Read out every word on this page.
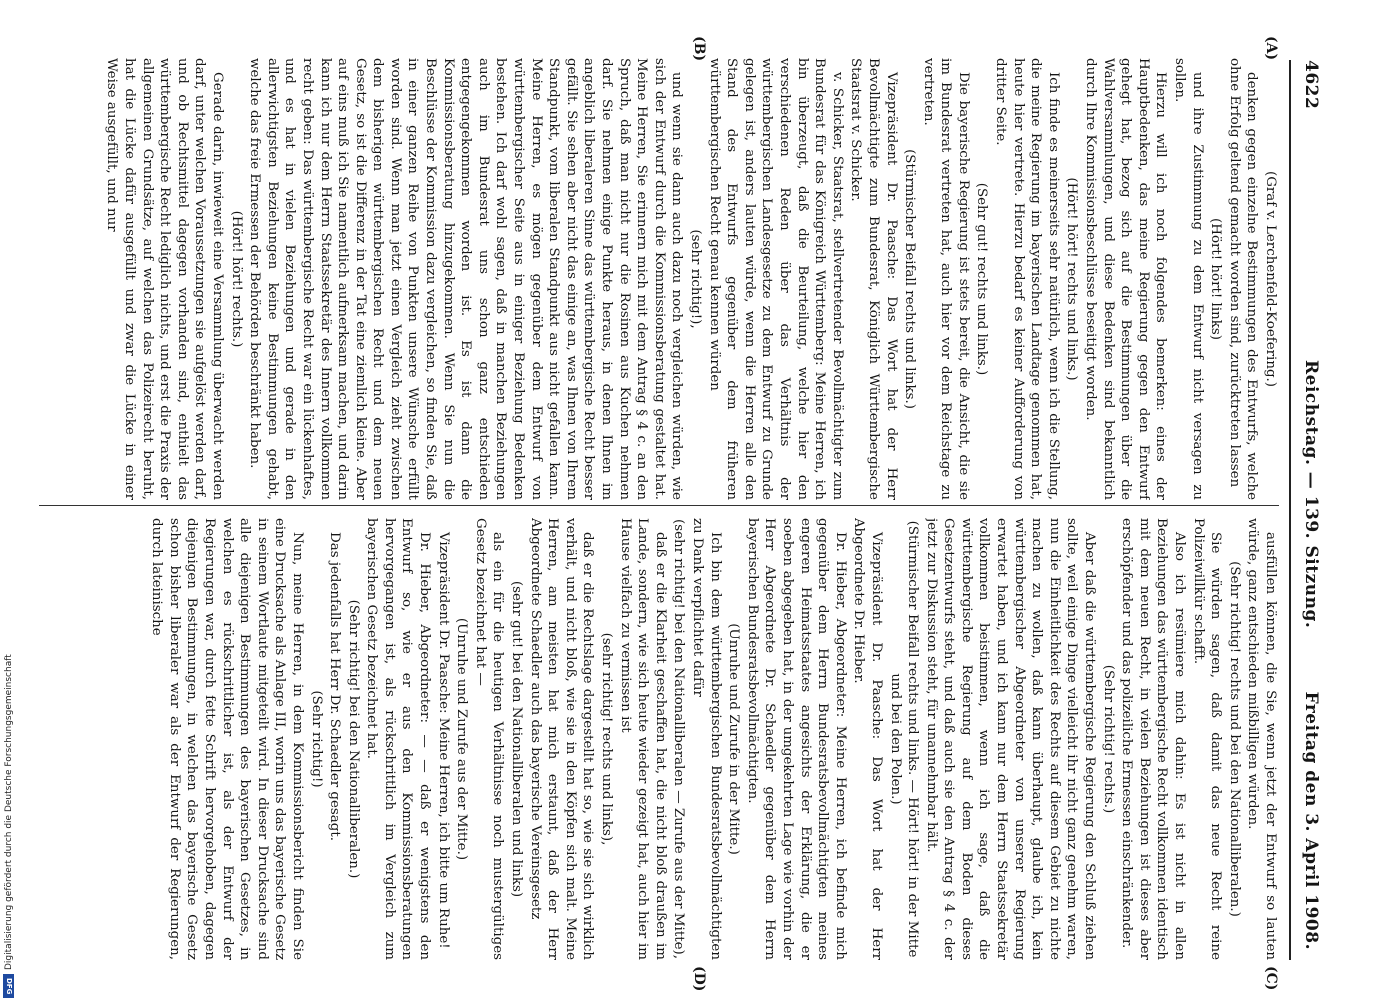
4622
Reichstag. — 139. Sitzung.
Freitag den 3. April 1908.
(A)
(B)
(C)
(D)

(Graf v. Lerchenfeld-Koefering.)

denken gegen einzelne Bestimmungen des Entwurfs, welche ohne Erfolg geltend gemacht worden sind, zurücktreten lassen

(Hört! hört! links)

und ihre Zustimmung zu dem Entwurf nicht versagen zu sollen.

Hierzu will ich noch folgendes bemerken: eines der Hauptbedenken, das meine Regierung gegen den Entwurf gehegt hat, bezog sich auf die Bestimmungen über die Wahlversammlungen, und diese Bedenken sind bekanntlich durch Ihre Kommissionsbeschlüsse beseitigt worden.

(Hört! hört! rechts und links.)

Ich finde es meinerseits sehr natürlich, wenn ich die Stellung, die meine Regierung im bayerischen Landtage genommen hat, heute hier vertrete. Hierzu bedarf es keiner Aufforderung von dritter Seite.

(Sehr gut! rechts und links.)

Die bayerische Regierung ist stets bereit, die Ansicht, die sie im Bundesrat vertreten hat, auch hier vor dem Reichstage zu vertreten.

(Stürmischer Beifall rechts und links.)

Vizepräsident Dr. Paasche: Das Wort hat der Herr Bevollmächtigte zum Bundesrat, Königlich Württembergische Staatsrat v. Schicker.

v. Schicker, Staatsrat, stellvertretender Bevollmächtigter zum Bundesrat für das Königreich Württemberg: Meine Herren, ich bin überzeugt, daß die Beurteilung, welche hier den verschiedenen Reden über das Verhältnis der württembergischen Landesgesetze zu dem Entwurf zu Grunde gelegen ist, anders lauten würde, wenn die Herren alle den Stand des Entwurfs gegenüber dem früheren württembergischen Recht genau kennen würden

(sehr richtig!),

und wenn sie dann auch dazu noch vergleichen würden, wie sich der Entwurf durch die Kommissionsberatung gestaltet hat. Meine Herren, Sie erinnern mich mit dem Antrag § 4 c. an den Spruch, daß man nicht nur die Rosinen aus Kuchen nehmen darf. Sie nehmen einige Punkte heraus, in denen Ihnen im angeblich liberaleren Sinne das württembergische Recht besser gefällt. Sie sehen aber nicht das einige an, was Ihnen von Ihrem Standpunkt, vom liberalen Standpunkt aus nicht gefallen kann. Meine Herren, es mögen gegenüber dem Entwurf von württembergischer Seite aus in einiger Beziehung Bedenken bestehen. Ich darf wohl sagen, daß in manchen Beziehungen auch im Bundesrat uns schon ganz entschieden entgegengekommen worden ist. Es ist dann die Kommissionsberatung hinzugekommen. Wenn Sie nun die Beschlüsse der Kommission dazu vergleichen, so finden Sie, daß in einer ganzen Reihe von Punkten unsere Wünsche erfüllt worden sind. Wenn man jetzt einen Vergleich zieht zwischen dem bisherigen württembergischen Recht und dem neuen Gesetz, so ist die Differenz in der Tat eine ziemlich kleine. Aber auf eins muß ich Sie namentlich aufmerksam machen, und darin kann ich nur dem Herrn Staatssekretär des Innern vollkommen recht geben: Das württembergische Recht war ein lückenhaftes, und es hat in vielen Beziehungen und gerade in den allerwichtigsten Beziehungen keine Bestimmungen gehabt, welche das freie Ermessen der Behörden beschränkt haben.

(Hört! hört! rechts.)

Gerade darin, inwieweit eine Versammlung überwacht werden darf, unter welchen Voraussetzungen sie aufgelöst werden darf, und ob Rechtsmittel dagegen vorhanden sind, enthielt das württembergische Recht lediglich nichts, und erst die Praxis der allgemeinen Grundsätze, auf welchen das Polizeirecht beruht, hat die Lücke dafür ausgefüllt und zwar die Lücke in einer Weise ausgefüllt, und nur

ausfüllen können, die Sie, wenn jetzt der Entwurf so lauten würde, ganz entschieden mißbilligen würden.

(Sehr richtig! rechts und bei den Nationalliberalen.)

Sie würden sagen, daß damit das neue Recht reine Polizeiwillkür schafft.

Also ich resümiere mich dahin: Es ist nicht in allen Beziehungen das württembergische Recht vollkommen identisch mit dem neuen Recht, in vielen Beziehungen ist dieses aber erschöpfender und das polizeiliche Ermessen einschränkender.

(Sehr richtig! rechts.)

Aber daß die württembergische Regierung den Schluß ziehen sollte, weil einige Dinge vielleicht ihr nicht ganz genehm waren, nun die Einheitlichkeit des Rechts auf diesem Gebiet zu nichte machen zu wollen, daß kann überhaupt, glaube ich, kein württembergischer Abgeordneter von unserer Regierung erwartet haben, und ich kann nur dem Herrn Staatssekretär vollkommen beistimmen, wenn ich sage, daß die württembergische Regierung auf dem Boden dieses Gesetzentwurfs steht, und daß auch sie den Antrag § 4 c. der jetzt zur Diskussion steht, für unannehmbar hält.

(Stürmischer Beifall rechts und links. — Hört! hört! in der Mitte und bei den Polen.)

Vizepräsident Dr. Paasche: Das Wort hat der Herr Abgeordnete Dr. Hieber.

Dr. Hieber, Abgeordneter: Meine Herren, ich befinde mich gegenüber dem Herrn Bundesratsbevollmächtigten meines engeren Heimatsstaates angesichts der Erklärung, die er soeben abgegeben hat, in der umgekehrten Lage wie vorhin der Herr Abgeordnete Dr. Schaedler gegenüber dem Herrn bayerischen Bundesratsbevollmächtigten.

(Unruhe und Zurufe in der Mitte.)

Ich bin dem württembergischen Bundesratsbevollmächtigten zu Dank verpflichtet dafür

(sehr richtig! bei den Nationalliberalen — Zurufe aus der Mitte),

daß er die Klarheit geschaffen hat, die nicht bloß draußen im Lande, sondern, wie sich heute wieder gezeigt hat, auch hier im Hause vielfach zu vermissen ist

(sehr richtig! rechts und links),

daß er die Rechtslage dargestellt hat so, wie sie sich wirklich verhält, und nicht bloß, wie sie in den Köpfen sich malt. Meine Herren, am meisten hat mich erstaunt, daß der Herr Abgeordnete Schaedler auch das bayerische Vereinsgesetz

(sehr gut! bei den Nationalliberalen und links)

als ein für die heutigen Verhältnisse noch mustergültiges Gesetz bezeichnet hat —

(Unruhe und Zurufe aus der Mitte.)

Vizepräsident Dr. Paasche: Meine Herren, ich bitte um Ruhe!

Dr. Hieber, Abgeordneter: — — daß er wenigstens den Entwurf so, wie er aus den Kommissionsberatungen hervorgegangen ist, als rückschrittlich im Vergleich zum bayerischen Gesetz bezeichnet hat.

(Sehr richtig! bei den Nationalliberalen.)

Das jedenfalls hat Herr Dr. Schaedler gesagt.

(Sehr richtig!)

Nun, meine Herren, in dem Kommissionsbericht finden Sie eine Drucksache als Anlage III, worin uns das bayerische Gesetz in seinem Wortlaute mitgeteilt wird. In dieser Drucksache sind alle diejenigen Bestimmungen des bayerischen Gesetzes, in welchen es rückschrittlicher ist, als der Entwurf der Regierungen war, durch fette Schrift hervorgehoben, dagegen diejenigen Bestimmungen, in welchen das bayerische Gesetz schon bisher liberaler war als der Entwurf der Regierungen, durch lateinische

Digitalisierung gefördert durch die Deutsche Forschungsgemeinschaft
DFG
